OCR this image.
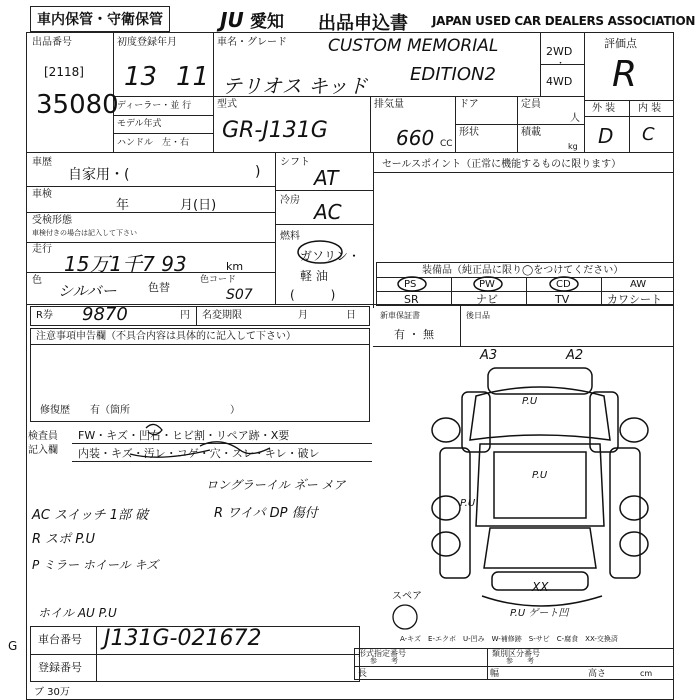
車内保管・守衛保管	JU 愛知 出品申込書 JAPAN USED CAR DEALERS ASSOCIATION
出品番号
[2118]
35080
初度登録年月
13 11
ディーラー・並 行
モデル年式
ハンドル　左・右
車名・グレード CUSTOM MEMORIAL
テリオス キッド EDITION2
2WD
・
4WD
評価点
R
外 装 内 装
D C
型式
GR-J131G
排気量
660 CC
ドア	定員
人
形状	積載
kg
車歴
自家用・(	)
車検
年	月(日)
受検形態
車検付きの場合は記入して下さい
走行
15万1千7 93	km
色
シルバー	色替
色コード
S07
シフト
AT
冷房 AC
燃料
ガソリン・軽 油
(　　　)
セールスポイント（正常に機能するものに限ります）
装備品（純正品に限り◯をつけてください）
PS	PW	CD	AW
SR	ナビ	TV	カワシート
R券 9870	円 名変期限	月	日	新車保証書
有 ・ 無
後日品
注意事項申告欄（不具合内容は具体的に記入して下さい）
修復歴　　有（箇所　　　　　　　　　　）
検査員
記入欄
FW・キズ・凹右・ヒビ割・リペア跡・X要
内装・キズ・汚レ・コゲ・穴・スレ・キレ・破レ
ロングラーイル ネ゙ー メア
AC スイッチ 1部 破	R ワイパ DP 傷付
R スポ P.U
P ミラー ホイール キズ
ホイル AU P.U
A3	A2
P.U
P.U
P.U
XX
P.U ゲート凹
スペア
A-キズ　E-エクボ　U-凹み　W-補修跡　S-サビ　C-腐食　XX-交換済
G 車台番号 J131G-021672
登録番号
形式指定番号
参　　考
類別区分番号
参　　考
長	幅	高さ	cm
ブ 30万　　　　　　　　
